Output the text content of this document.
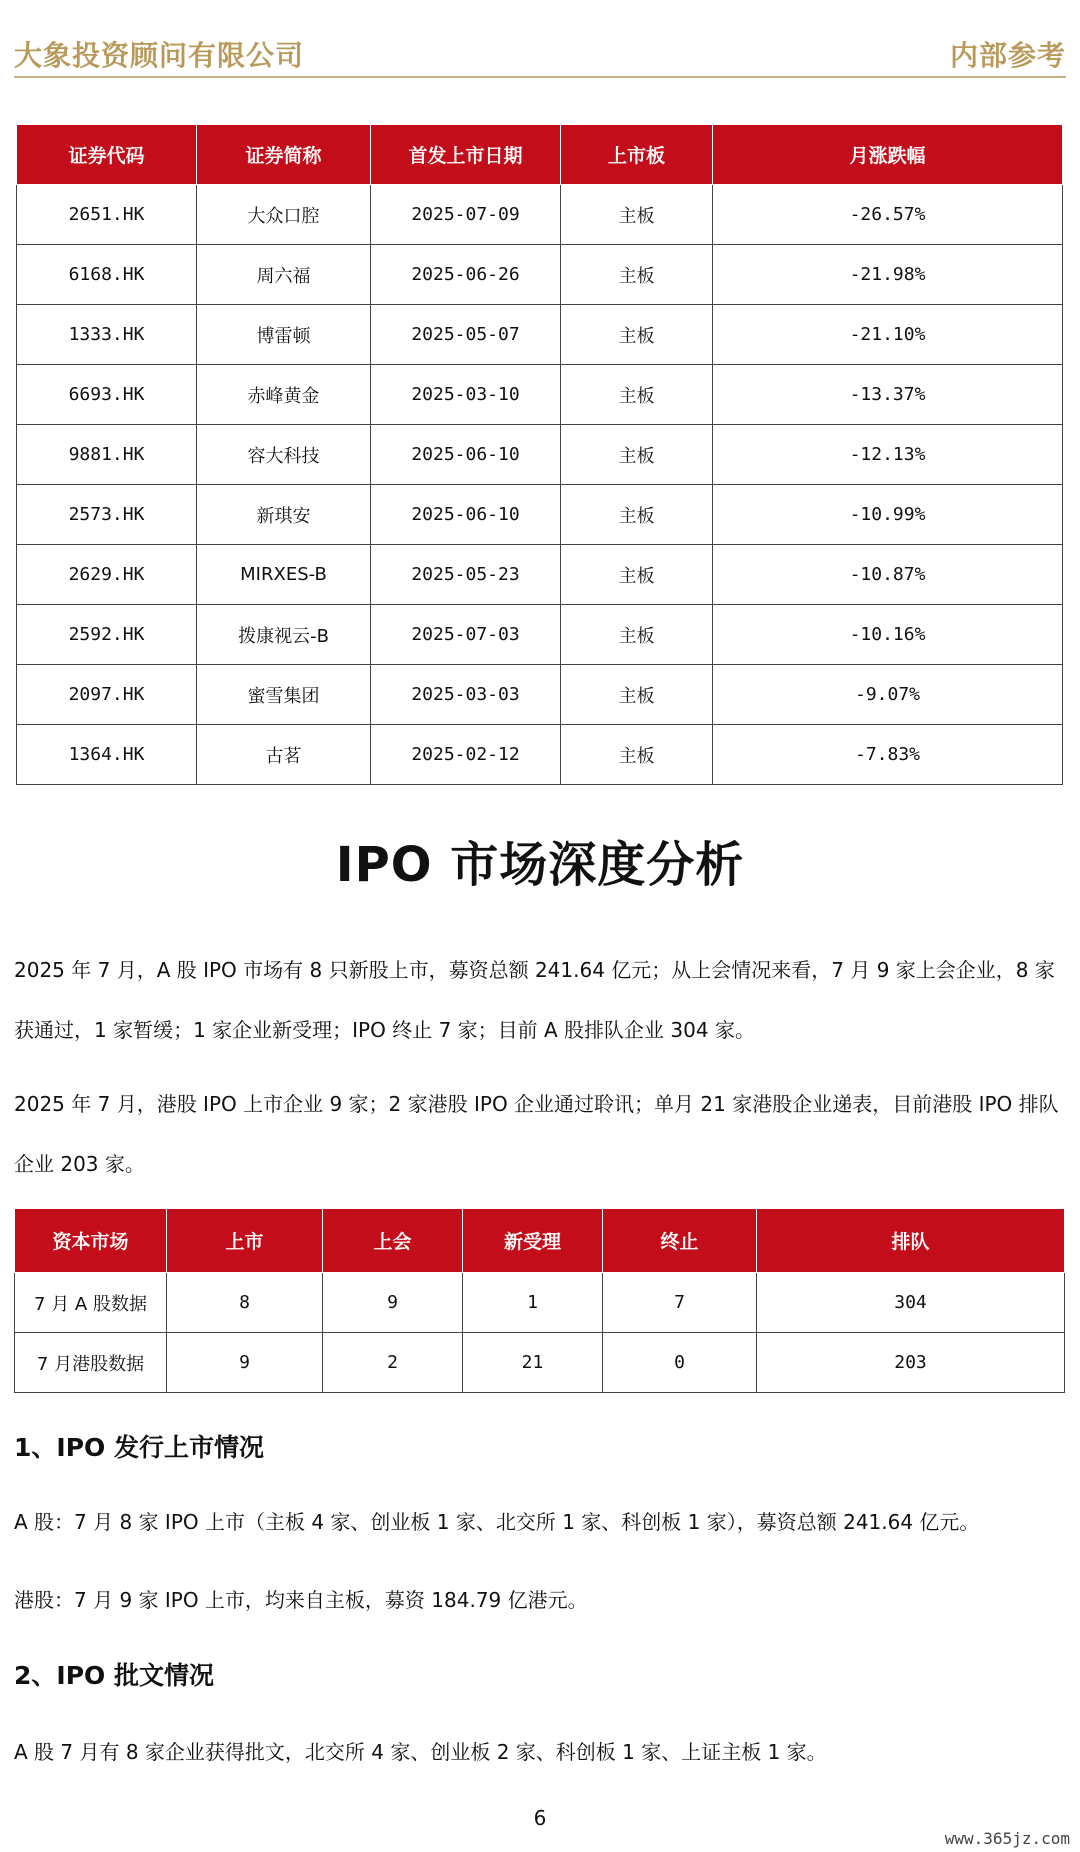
大象投资顾问有限公司	内部参考
证券代码	证券简称	首发上市日期	上市板	月涨跌幅
2651.HK	大众口腔	2025-07-09	主板	-26.57%
6168.HK	周六福	2025-06-26	主板	-21.98%
1333.HK	博雷顿	2025-05-07	主板	-21.10%
6693.HK	赤峰黄金	2025-03-10	主板	-13.37%
9881.HK	容大科技	2025-06-10	主板	-12.13%
2573.HK	新琪安	2025-06-10	主板	-10.99%
2629.HK	MIRXES-B	2025-05-23	主板	-10.87%
2592.HK	拨康视云-B	2025-07-03	主板	-10.16%
2097.HK	蜜雪集团	2025-03-03	主板	-9.07%
1364.HK	古茗	2025-02-12	主板	-7.83%
IPO 市场深度分析

2025 年 7 月，A 股 IPO 市场有 8 只新股上市，募资总额 241.64 亿元；从上会情况来看，7 月 9 家上会企业，8 家获通过，1 家暂缓；1 家企业新受理；IPO 终止 7 家；目前 A 股排队企业 304 家。

2025 年 7 月，港股 IPO 上市企业 9 家；2 家港股 IPO 企业通过聆讯；单月 21 家港股企业递表，目前港股 IPO 排队企业 203 家。

资本市场	上市	上会	新受理	终止	排队
7 月 A 股数据	8	9	1	7	304
7 月港股数据	9	2	21	0	203
1、IPO 发行上市情况
A 股：7 月 8 家 IPO 上市（主板 4 家、创业板 1 家、北交所 1 家、科创板 1 家），募资总额 241.64 亿元。
港股：7 月 9 家 IPO 上市，均来自主板，募资 184.79 亿港元。
2、IPO 批文情况
A 股 7 月有 8 家企业获得批文，北交所 4 家、创业板 2 家、科创板 1 家、上证主板 1 家。
6
www.365jz.com
